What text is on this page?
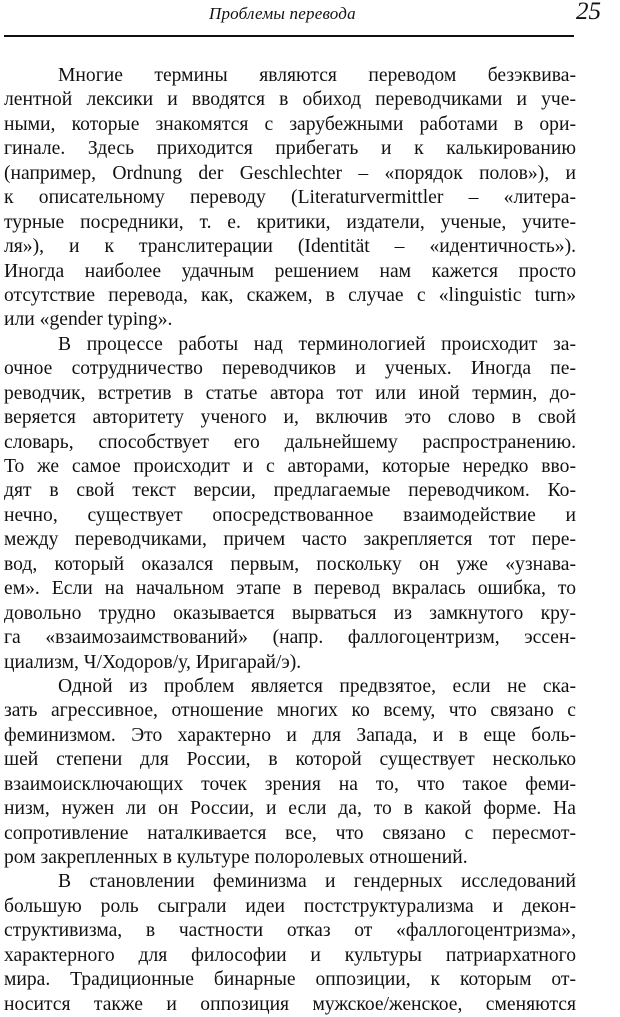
Проблемы перевода	25
Многие термины являются переводом безэквива-
лентной лексики и вводятся в обиход переводчиками и уче-
ными, которые знакомятся с зарубежными работами в ори-
гинале. Здесь приходится прибегать и к калькированию
(например, Ordnung der Geschlechter – «порядок полов»), и
к описательному переводу (Literaturvermittler – «литера-
турные посредники, т. е. критики, издатели, ученые, учите-
ля»), и к транслитерации (Identität – «идентичность»).
Иногда наиболее удачным решением нам кажется просто
отсутствие перевода, как, скажем, в случае с «linguistic turn»
или «gender typing».
В процессе работы над терминологией происходит за-
очное сотрудничество переводчиков и ученых. Иногда пе-
реводчик, встретив в статье автора тот или иной термин, до-
веряется авторитету ученого и, включив это слово в свой
словарь, способствует его дальнейшему распространению.
То же самое происходит и с авторами, которые нередко вво-
дят в свой текст версии, предлагаемые переводчиком. Ко-
нечно, существует опосредствованное взаимодействие и
между переводчиками, причем часто закрепляется тот пере-
вод, который оказался первым, поскольку он уже «узнава-
ем». Если на начальном этапе в перевод вкралась ошибка, то
довольно трудно оказывается вырваться из замкнутого кру-
га «взаимозаимствований» (напр. фаллогоцентризм, эссен-
циализм, Ч/Ходоров/у, Иригарай/э).
Одной из проблем является предвзятое, если не ска-
зать агрессивное, отношение многих ко всему, что связано с
феминизмом. Это характерно и для Запада, и в еще боль-
шей степени для России, в которой существует несколько
взаимоисключающих точек зрения на то, что такое феми-
низм, нужен ли он России, и если да, то в какой форме. На
сопротивление наталкивается все, что связано с пересмот-
ром закрепленных в культуре полоролевых отношений.
В становлении феминизма и гендерных исследований
большую роль сыграли идеи постструктурализма и декон-
структивизма, в частности отказ от «фаллогоцентризма»,
характерного для философии и культуры патриархатного
мира. Традиционные бинарные оппозиции, к которым от-
носится также и оппозиция мужское/женское, сменяются
